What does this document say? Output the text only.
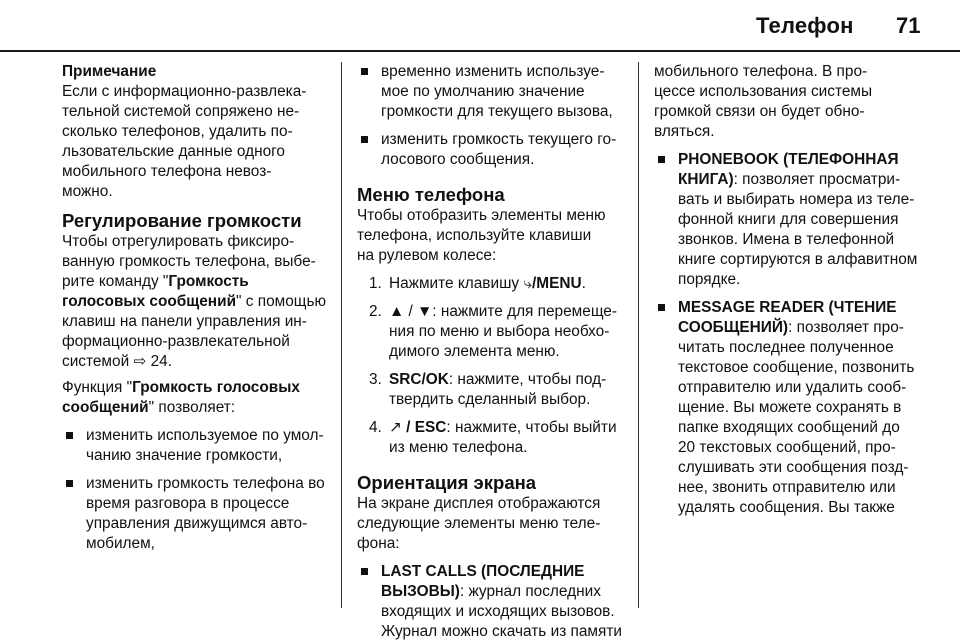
Телефон 71
Примечание
Если с информационно-развлека-
тельной системой сопряжено не-
сколько телефонов, удалить по-
льзовательские данные одного
мобильного телефона невоз-
можно.
Регулирование громкости
Чтобы отрегулировать фиксиро-
ванную громкость телефона, выбе-
рите команду "Громкость
голосовых сообщений" с помощью
клавиш на панели управления ин-
формационно-развлекательной
системой ⇨ 24.
Функция "Громкость голосовых
сообщений" позволяет:
изменить используемое по умол-
чанию значение громкости,
изменить громкость телефона во
время разговора в процессе
управления движущимся авто-
мобилем,
временно изменить используе-
мое по умолчанию значение
громкости для текущего вызова,
изменить громкость текущего го-
лосового сообщения.
Меню телефона
Чтобы отобразить элементы меню
телефона, используйте клавиши
на рулевом колесе:
1. Нажмите клавишу ⤷/MENU.
2. ▲ / ▼: нажмите для перемеще-
ния по меню и выбора необхо-
димого элемента меню.
3. SRC/OK: нажмите, чтобы под-
твердить сделанный выбор.
4. ↗ / ESC: нажмите, чтобы выйти
из меню телефона.
Ориентация экрана
На экране дисплея отображаются
следующие элементы меню теле-
фона:
LAST CALLS (ПОСЛЕДНИЕ
ВЫЗОВЫ): журнал последних
входящих и исходящих вызовов.
Журнал можно скачать из памяти
мобильного телефона. В про-
цессе использования системы
громкой связи он будет обно-
вляться.
PHONEBOOK (ТЕЛЕФОННАЯ
КНИГА): позволяет просматри-
вать и выбирать номера из теле-
фонной книги для совершения
звонков. Имена в телефонной
книге сортируются в алфавитном
порядке.
MESSAGE READER (ЧТЕНИЕ
СООБЩЕНИЙ): позволяет про-
читать последнее полученное
текстовое сообщение, позвонить
отправителю или удалить сооб-
щение. Вы можете сохранять в
папке входящих сообщений до
20 текстовых сообщений, про-
слушивать эти сообщения позд-
нее, звонить отправителю или
удалять сообщения. Вы также
